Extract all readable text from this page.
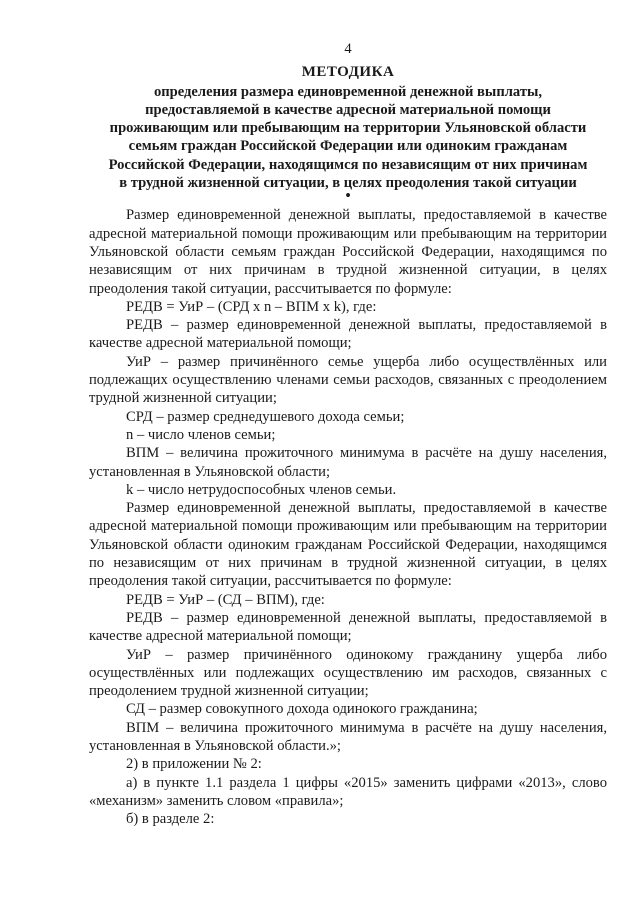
4

МЕТОДИКА

определения размера единовременной денежной выплаты,
предоставляемой в качестве адресной материальной помощи
проживающим или пребывающим на территории Ульяновской области
семьям граждан Российской Федерации или одиноким гражданам
Российской Федерации, находящимся по независящим от них причинам
в трудной жизненной ситуации, в целях преодоления такой ситуации

•

Размер единовременной денежной выплаты, предоставляемой в качестве адресной материальной помощи проживающим или пребывающим на территории Ульяновской области семьям граждан Российской Федерации, находящимся по независящим от них причинам в трудной жизненной ситуации, в целях преодоления такой ситуации, рассчитывается по формуле:

РЕДВ = УиР – (СРД x n – ВПМ x k), где:

РЕДВ – размер единовременной денежной выплаты, предоставляемой в качестве адресной материальной помощи;

УиР – размер причинённого семье ущерба либо осуществлённых или подлежащих осуществлению членами семьи расходов, связанных с преодолением трудной жизненной ситуации;

СРД – размер среднедушевого дохода семьи;

n – число членов семьи;

ВПМ – величина прожиточного минимума в расчёте на душу населения, установленная в Ульяновской области;

k – число нетрудоспособных членов семьи.

Размер единовременной денежной выплаты, предоставляемой в качестве адресной материальной помощи проживающим или пребывающим на территории Ульяновской области одиноким гражданам Российской Федерации, находящимся по независящим от них причинам в трудной жизненной ситуации, в целях преодоления такой ситуации, рассчитывается по формуле:

РЕДВ = УиР – (СД – ВПМ), где:

РЕДВ – размер единовременной денежной выплаты, предоставляемой в качестве адресной материальной помощи;

УиР – размер причинённого одинокому гражданину ущерба либо осуществлённых или подлежащих осуществлению им расходов, связанных с преодолением трудной жизненной ситуации;

СД – размер совокупного дохода одинокого гражданина;

ВПМ – величина прожиточного минимума в расчёте на душу населения, установленная в Ульяновской области.»;

2) в приложении № 2:

а) в пункте 1.1 раздела 1 цифры «2015» заменить цифрами «2013», слово «механизм» заменить словом «правила»;

б) в разделе 2:
